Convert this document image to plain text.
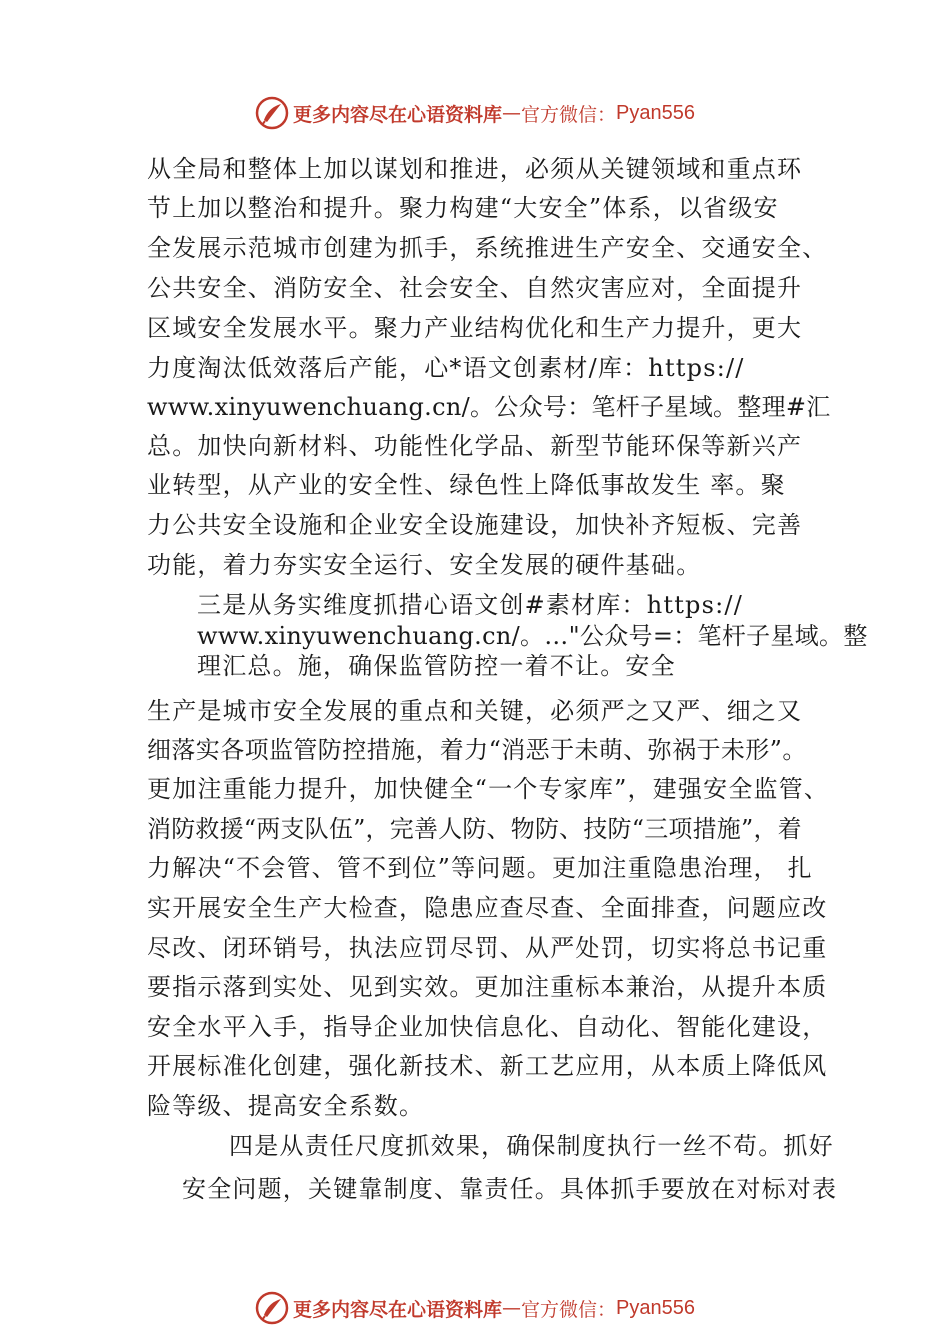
更多内容尽在心语资料库 — 官方微信： Pyan556
从全局和整体上加以谋划和推进，必须从关键领域和重点环
节上加以整治和提升。聚力构建“大安全”体系，以省级安
全发展示范城市创建为抓手，系统推进生产安全、交通安全、
公共安全、消防安全、社会安全、自然灾害应对，全面提升
区域安全发展水平。聚力产业结构优化和生产力提升，更大
力度淘汰低效落后产能，心*语文创素材/库：https://
www.xinyuwenchuang.cn/。公众号：笔杆子星域。整理#汇
总。加快向新材料、功能性化学品、新型节能环保等新兴产
业转型，从产业的安全性、绿色性上降低事故发生 率。聚
力公共安全设施和企业安全设施建设，加快补齐短板、完善
功能，着力夯实安全运行、安全发展的硬件基础。
三是从务实维度抓措心语文创#素材库：https://
www.xinyuwenchuang.cn/。…"公众号=：笔杆子星域。整
理汇总。施，确保监管防控一着不让。安全
生产是城市安全发展的重点和关键，必须严之又严、细之又
细落实各项监管防控措施，着力“消恶于未萌、弥祸于未形”。
更加注重能力提升，加快健全“一个专家库”，建强安全监管、
消防救援“两支队伍”，完善人防、物防、技防“三项措施”，着
力解决“不会管、管不到位”等问题。更加注重隐患治理， 扎
实开展安全生产大检查，隐患应查尽查、全面排查，问题应改
尽改、闭环销号，执法应罚尽罚、从严处罚，切实将总书记重
要指示落到实处、见到实效。更加注重标本兼治，从提升本质
安全水平入手，指导企业加快信息化、自动化、智能化建设，
开展标准化创建，强化新技术、新工艺应用，从本质上降低风
险等级、提高安全系数。
四是从责任尺度抓效果，确保制度执行一丝不苟。抓好
安全问题，关键靠制度、靠责任。具体抓手要放在对标对表
更多内容尽在心语资料库 — 官方微信： Pyan556
